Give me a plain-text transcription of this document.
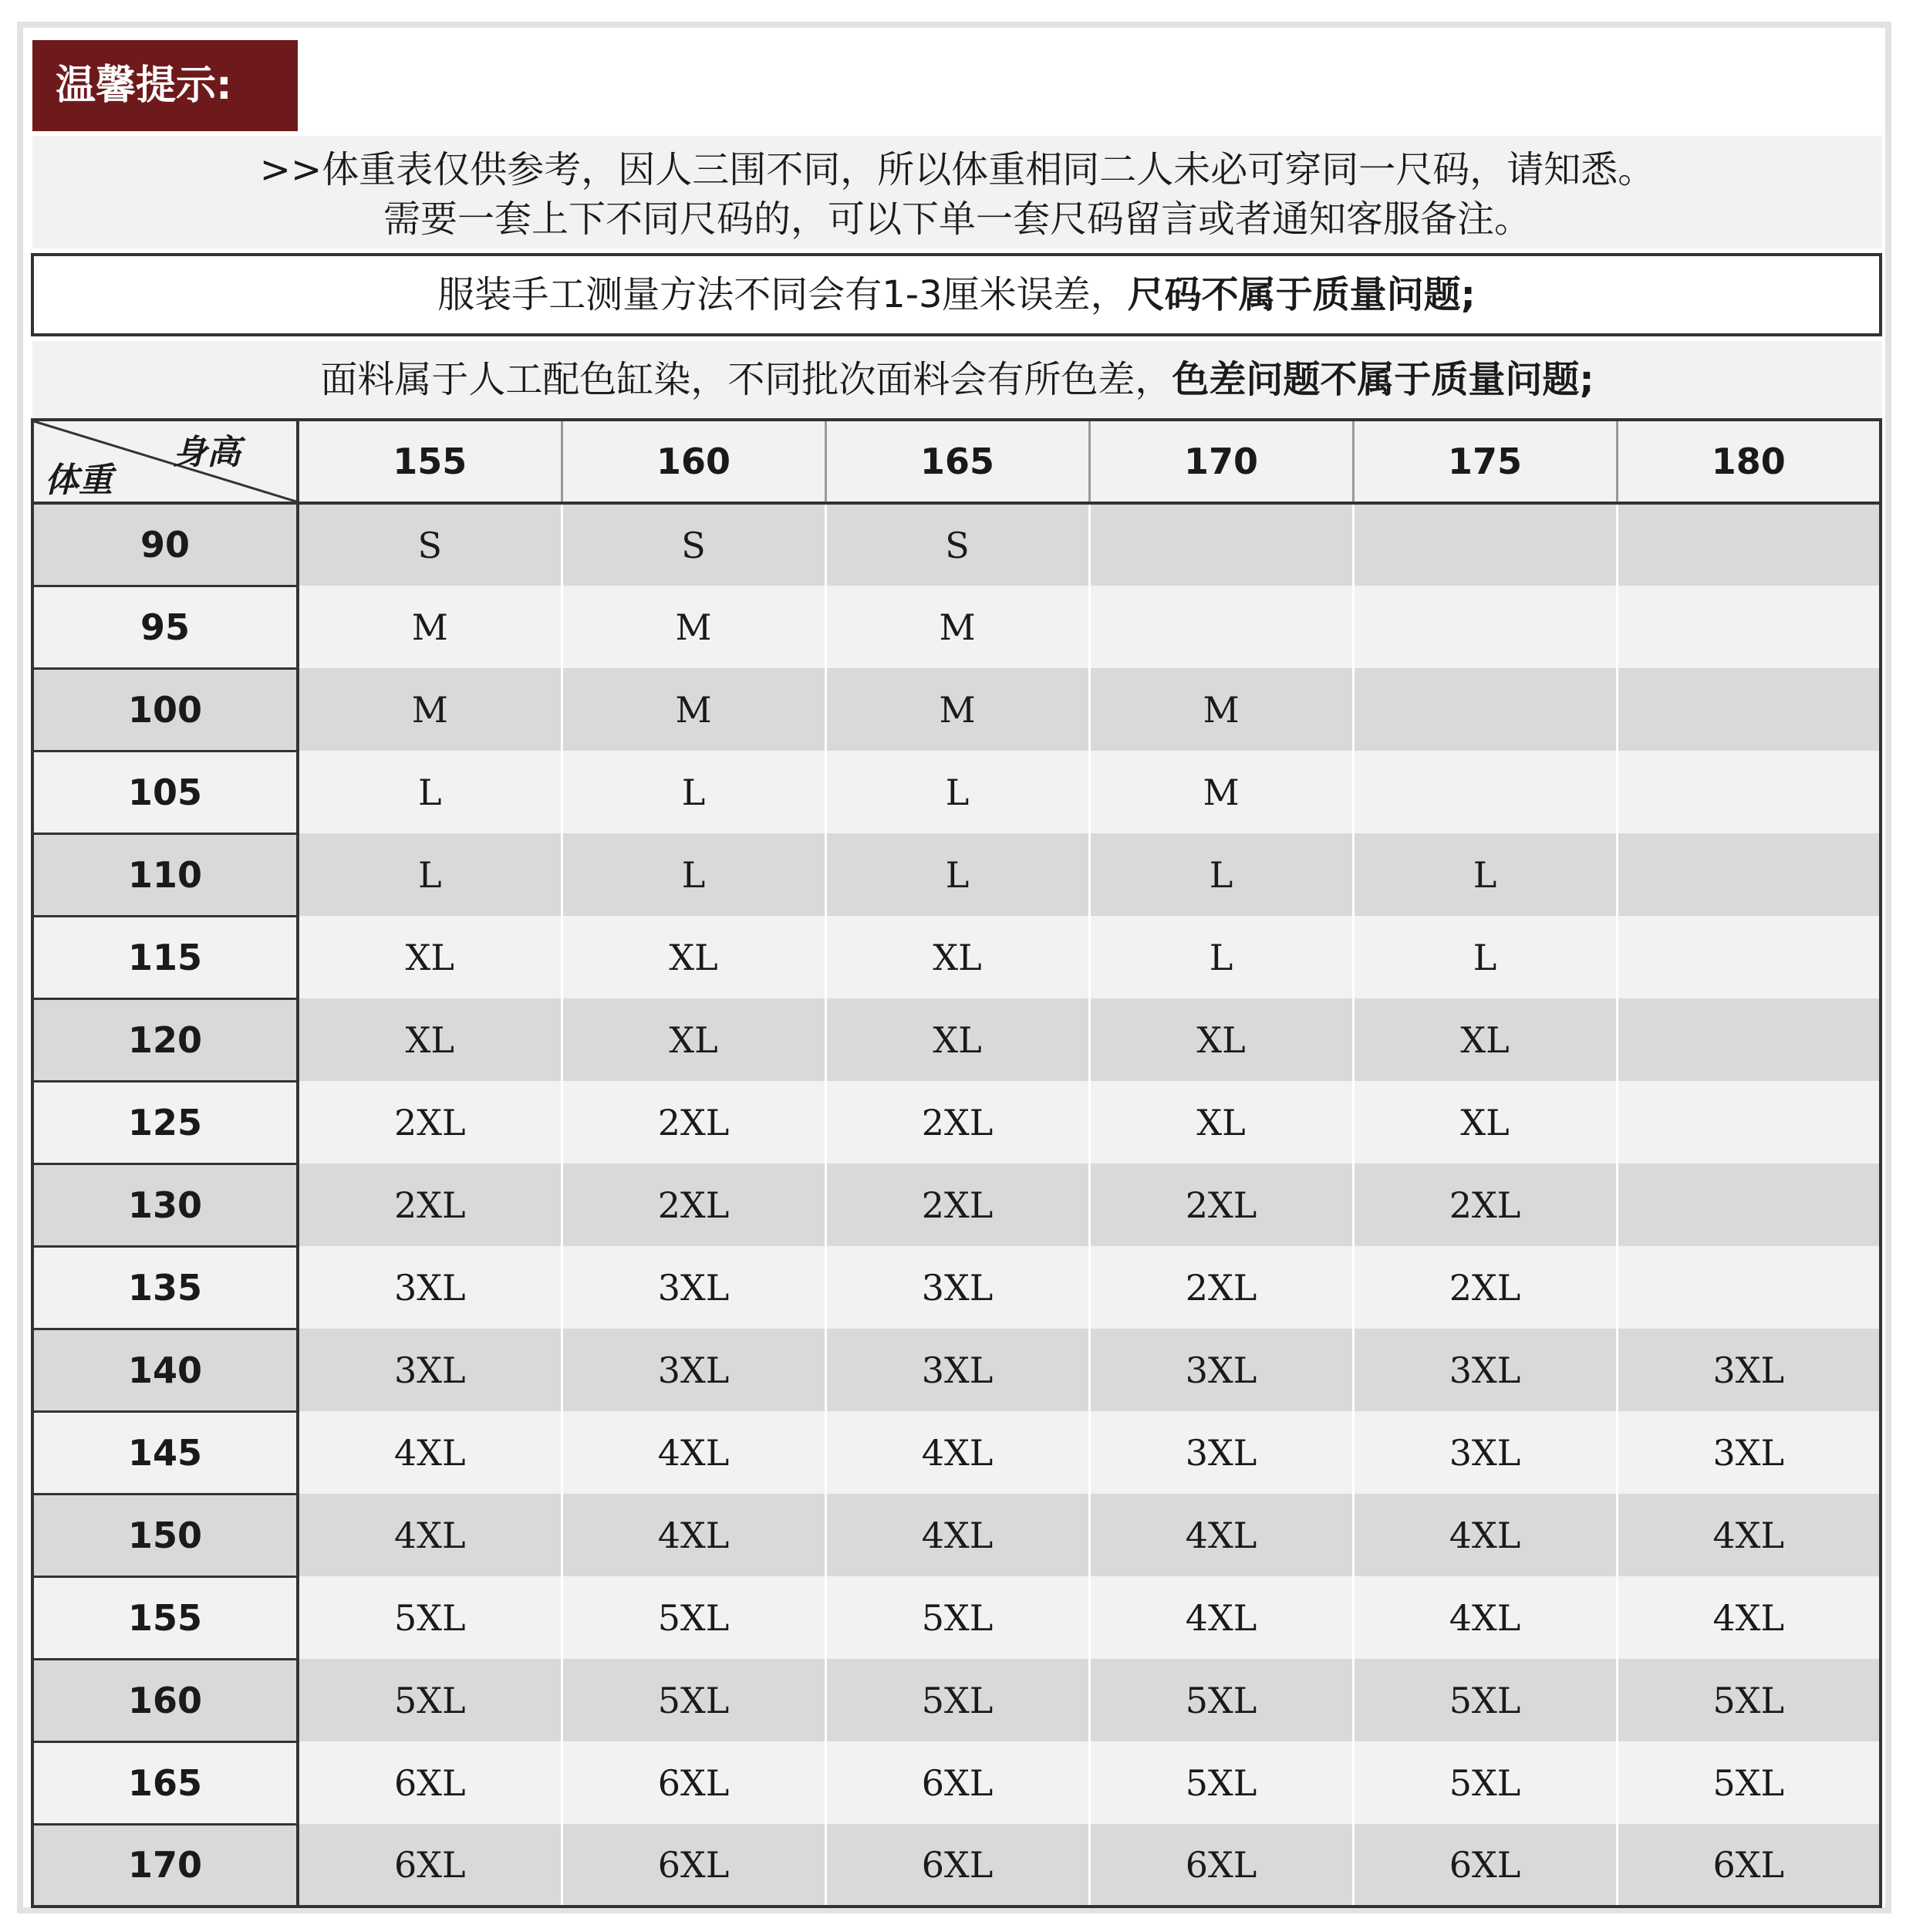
温馨提示:
>>体重表仅供参考，因人三围不同，所以体重相同二人未必可穿同一尺码，请知悉。
需要一套上下不同尺码的，可以下单一套尺码留言或者通知客服备注。
服装手工测量方法不同会有1-3厘米误差，尺码不属于质量问题;
面料属于人工配色缸染，不同批次面料会有所色差，色差问题不属于质量问题;
身高
体重	155	160	165	170	175	180
90	S	S	S			
95	M	M	M			
100	M	M	M	M		
105	L	L	L	M		
110	L	L	L	L	L	
115	XL	XL	XL	L	L	
120	XL	XL	XL	XL	XL	
125	2XL	2XL	2XL	XL	XL	
130	2XL	2XL	2XL	2XL	2XL	
135	3XL	3XL	3XL	2XL	2XL	
140	3XL	3XL	3XL	3XL	3XL	3XL
145	4XL	4XL	4XL	3XL	3XL	3XL
150	4XL	4XL	4XL	4XL	4XL	4XL
155	5XL	5XL	5XL	4XL	4XL	4XL
160	5XL	5XL	5XL	5XL	5XL	5XL
165	6XL	6XL	6XL	5XL	5XL	5XL
170	6XL	6XL	6XL	6XL	6XL	6XL
